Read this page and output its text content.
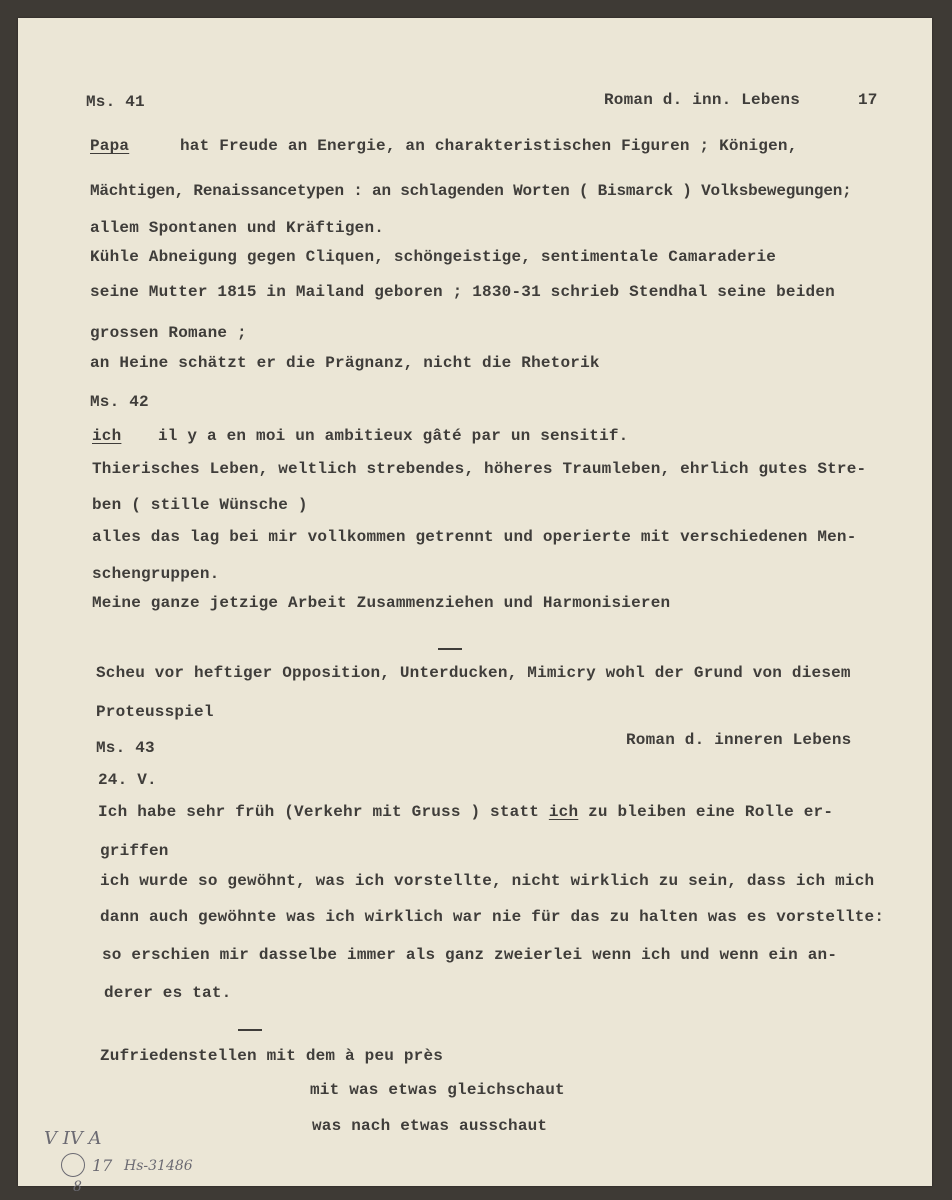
Ms. 41	Roman d. inn. Lebens	17
Papa	hat Freude an Energie, an charakteristischen Figuren ; Königen,
Mächtigen, Renaissancetypen : an schlagenden Worten ( Bismarck ) Volksbewegungen;
allem Spontanen und Kräftigen.
Kühle Abneigung gegen Cliquen, schöngeistige, sentimentale Camaraderie
seine Mutter 1815 in Mailand geboren ; 1830-31 schrieb Stendhal seine beiden
grossen Romane ;
an Heine schätzt er die Prägnanz, nicht die Rhetorik
Ms. 42
ich il y a en moi un ambitieux gâté par un sensitif.
Thierisches Leben, weltlich strebendes, höheres Traumleben, ehrlich gutes Stre-
ben ( stille Wünsche )
alles das lag bei mir vollkommen getrennt und operierte mit verschiedenen Men-
schengruppen.
Meine ganze jetzige Arbeit Zusammenziehen und Harmonisieren
Scheu vor heftiger Opposition, Unterducken, Mimicry wohl der Grund von diesem
Proteusspiel
Ms. 43	Roman d. inneren Lebens
24. V.
Ich habe sehr früh (Verkehr mit Gruss ) statt ich zu bleiben eine Rolle er-
griffen
ich wurde so gewöhnt, was ich vorstellte, nicht wirklich zu sein, dass ich mich
dann auch gewöhnte was ich wirklich war nie für das zu halten was es vorstellte:
so erschien mir dasselbe immer als ganz zweierlei wenn ich und wenn ein an-
derer es tat.
Zufriedenstellen mit dem à peu près
mit was etwas gleichschaut
was nach etwas ausschaut
V IV A

8

17 Hs-31486
